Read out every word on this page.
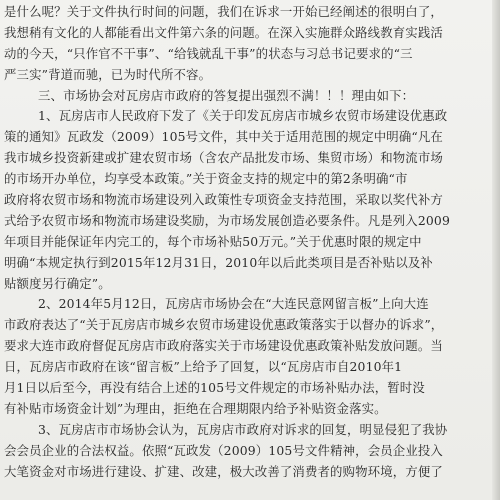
是什么呢？关于文件执行时间的问题，我们在诉求一开始已经阐述的很明白了，
我想稍有文化的人都能看出文件第六条的问题。在深入实施群众路线教育实践活
动的今天，“只作官不干事”、“给钱就乱干事”的状态与习总书记要求的“三
严三实”背道而驰，已为时代所不容。
三、市场协会对瓦房店市政府的答复提出强烈不满！！！理由如下：
1、瓦房店市人民政府下发了《关于印发瓦房店市城乡农贸市场建设优惠政
策的通知》瓦政发（2009）105号文件，其中关于适用范围的规定中明确“凡在
我市城乡投资新建或扩建农贸市场（含农产品批发市场、集贸市场）和物流市场
的市场开办单位，均享受本政策。”关于资金支持的规定中的第2条明确“市
政府将农贸市场和物流市场建设列入政策性专项资金支持范围，采取以奖代补方
式给予农贸市场和物流市场建设奖励，为市场发展创造必要条件。凡是列入2009
年项目并能保证年内完工的，每个市场补贴50万元。”关于优惠时限的规定中
明确“本规定执行到2015年12月31日，2010年以后此类项目是否补贴以及补
贴额度另行确定”。
2、2014年5月12日，瓦房店市场协会在“大连民意网留言板”上向大连
市政府表达了“关于瓦房店市城乡农贸市场建设优惠政策落实于以督办的诉求”，
要求大连市政府督促瓦房店市政府落实关于市场建设优惠政策补贴发放问题。当
日，瓦房店市政府在该“留言板”上给予了回复，以“瓦房店市自2010年1
月1日以后至今，再没有结合上述的105号文件规定的市场补贴办法，暂时没
有补贴市场资金计划”为理由，拒绝在合理期限内给予补贴资金落实。
3、瓦房店市市场协会认为，瓦房店市政府对诉求的回复，明显侵犯了我协
会会员企业的合法权益。依照“瓦政发（2009）105号文件精神，会员企业投入
大笔资金对市场进行建设、扩建、改建，极大改善了消费者的购物环境，方便了
